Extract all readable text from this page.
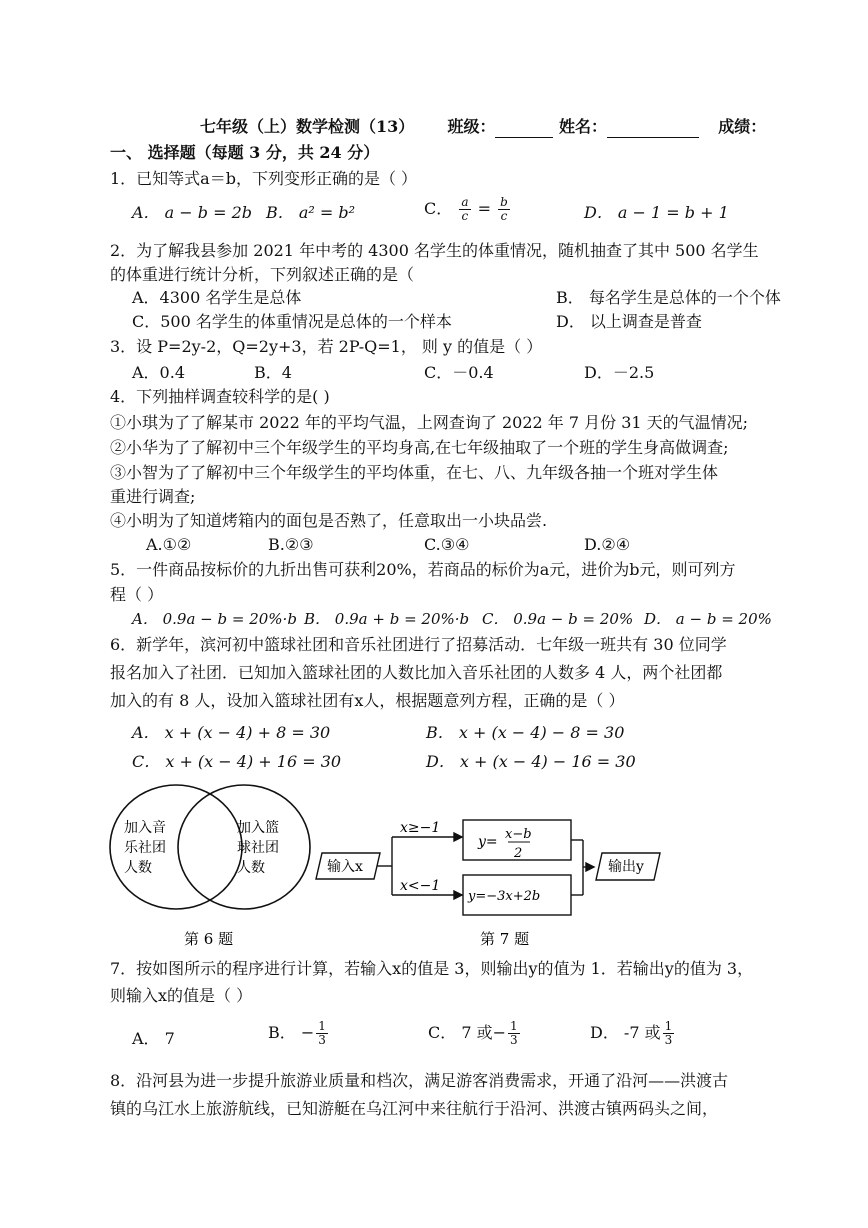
七年级（上）数学检测（13） 班级：	姓名：	成绩：
一、 选择题（每题 3 分，共 24 分）
1．已知等式a＝b，下列变形正确的是（ ）
A． a − b = 2b B． a² = b²	C． $\frac{a}{c} = \frac{b}{c}$	D． a − 1 = b + 1
2．为了解我县参加 2021 年中考的 4300 名学生的体重情况，随机抽查了其中 500 名学生
的体重进行统计分析，下列叙述正确的是（
A．4300 名学生是总体	B． 每名学生是总体的一个个体
C．500 名学生的体重情况是总体的一个样本	D． 以上调查是普查
3．设 P=2y-2，Q=2y+3，若 2P-Q=1， 则 y 的值是（ ）
A．0.4	B．4	C．－0.4	D．－2.5
4．下列抽样调查较科学的是( )
①小琪为了了解某市 2022 年的平均气温，上网查询了 2022 年 7 月份 31 天的气温情况;
②小华为了了解初中三个年级学生的平均身高,在七年级抽取了一个班的学生身高做调查;
③小智为了了解初中三个年级学生的平均体重，在七、八、九年级各抽一个班对学生体
重进行调查;
④小明为了知道烤箱内的面包是否熟了，任意取出一小块品尝.
A.①②	B.②③	C.③④	D.②④
5．一件商品按标价的九折出售可获利20%，若商品的标价为a元，进价为b元，则可列方
程（ ）
A． 0.9a − b = 20%·b B． 0.9a + b = 20%·b C． 0.9a − b = 20% D． a − b = 20%
6．新学年，滨河初中篮球社团和音乐社团进行了招募活动．七年级一班共有 30 位同学
报名加入了社团．已知加入篮球社团的人数比加入音乐社团的人数多 4 人，两个社团都
加入的有 8 人，设加入篮球社团有x人，根据题意列方程，正确的是（ ）
A． x + (x − 4) + 8 = 30	B． x + (x − 4) − 8 = 30
C． x + (x − 4) + 16 = 30	D． x + (x − 4) − 16 = 30
加入音
乐社团
人数
加入篮
球社团
人数	输入x
x≥−1
x<−1
y= x−b
2
y=−3x+2b
输出y
第 6 题	第 7 题
7．按如图所示的程序进行计算，若输入x的值是 3，则输出y的值为 1．若输出y的值为 3，
则输入x的值是（ ）
A． 7	B． − $\frac{1}{3}$	C． 7 或− $\frac{1}{3}$	D． -7 或 $\frac{1}{3}$
8．沿河县为进一步提升旅游业质量和档次，满足游客消费需求，开通了沿河——洪渡古
镇的乌江水上旅游航线，已知游艇在乌江河中来往航行于沿河、洪渡古镇两码头之间，
